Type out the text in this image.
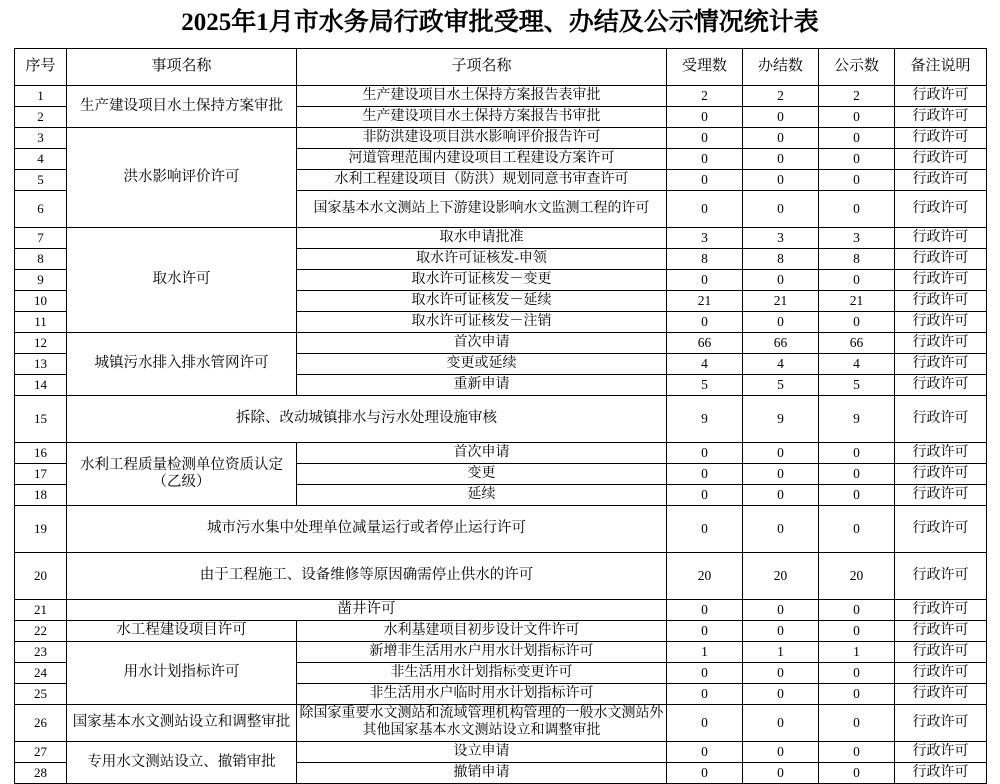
2025年1月市水务局行政审批受理、办结及公示情况统计表
序号	事项名称	子项名称	受理数	办结数	公示数	备注说明
1	生产建设项目水土保持方案审批	生产建设项目水土保持方案报告表审批	2	2	2	行政许可
2		生产建设项目水土保持方案报告书审批	0	0	0	行政许可
3	洪水影响评价许可	非防洪建设项目洪水影响评价报告许可	0	0	0	行政许可
4		河道管理范围内建设项目工程建设方案许可	0	0	0	行政许可
5		水利工程建设项目（防洪）规划同意书审查许可	0	0	0	行政许可
6		国家基本水文测站上下游建设影响水文监测工程的许可	0	0	0	行政许可
7	取水许可	取水申请批准	3	3	3	行政许可
8		取水许可证核发-申领	8	8	8	行政许可
9		取水许可证核发－变更	0	0	0	行政许可
10		取水许可证核发－延续	21	21	21	行政许可
11		取水许可证核发－注销	0	0	0	行政许可
12	城镇污水排入排水管网许可	首次申请	66	66	66	行政许可
13		变更或延续	4	4	4	行政许可
14		重新申请	5	5	5	行政许可
15	拆除、改动城镇排水与污水处理设施审核		9	9	9	行政许可
16	水利工程质量检测单位资质认定（乙级）	首次申请	0	0	0	行政许可
17		变更	0	0	0	行政许可
18		延续	0	0	0	行政许可
19	城市污水集中处理单位减量运行或者停止运行许可		0	0	0	行政许可
20	由于工程施工、设备维修等原因确需停止供水的许可		20	20	20	行政许可
21	凿井许可		0	0	0	行政许可
22	水工程建设项目许可	水利基建项目初步设计文件许可	0	0	0	行政许可
23	用水计划指标许可	新增非生活用水户用水计划指标许可	1	1	1	行政许可
24		非生活用水计划指标变更许可	0	0	0	行政许可
25		非生活用水户临时用水计划指标许可	0	0	0	行政许可
26	国家基本水文测站设立和调整审批	除国家重要水文测站和流域管理机构管理的一般水文测站外其他国家基本水文测站设立和调整审批	0	0	0	行政许可
27	专用水文测站设立、撤销审批	设立申请	0	0	0	行政许可
28		撤销申请	0	0	0	行政许可
